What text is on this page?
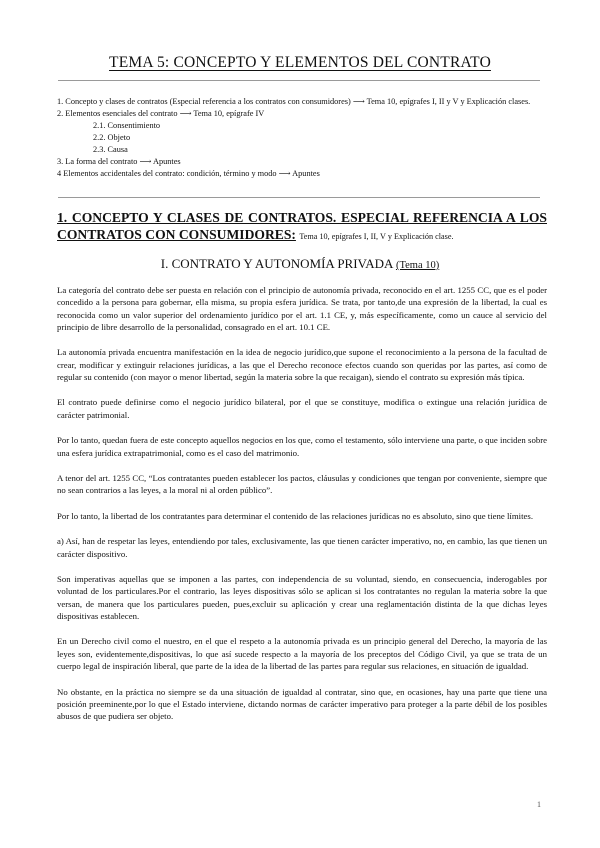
TEMA 5: CONCEPTO Y ELEMENTOS DEL CONTRATO
1. Concepto y clases de contratos (Especial referencia a los contratos con consumidores) ⟶ Tema 10, epígrafes I, II y V y Explicación clases.
2. Elementos esenciales del contrato ⟶ Tema 10, epígrafe IV
2.1. Consentimiento
2.2. Objeto
2.3. Causa
3. La forma del contrato ⟶ Apuntes
4 Elementos accidentales del contrato: condición, término y modo ⟶ Apuntes
1. CONCEPTO Y CLASES DE CONTRATOS. ESPECIAL REFERENCIA A LOS CONTRATOS CON CONSUMIDORES: Tema 10, epígrafes I, II, V y Explicación clase.
I. CONTRATO Y AUTONOMÍA PRIVADA (Tema 10)

La categoría del contrato debe ser puesta en relación con el principio de autonomía privada, reconocido en el art. 1255 CC, que es el poder concedido a la persona para gobernar, ella misma, su propia esfera jurídica. Se trata, por tanto,de una expresión de la libertad, la cual es reconocida como un valor superior del ordenamiento jurídico por el art. 1.1 CE, y, más específicamente, como un cauce al servicio del principio de libre desarrollo de la personalidad, consagrado en el art. 10.1 CE.

La autonomía privada encuentra manifestación en la idea de negocio jurídico,que supone el reconocimiento a la persona de la facultad de crear, modificar y extinguir relaciones jurídicas, a las que el Derecho reconoce efectos cuando son queridas por las partes, así como de regular su contenido (con mayor o menor libertad, según la materia sobre la que recaigan), siendo el contrato su expresión más típica.

El contrato puede definirse como el negocio jurídico bilateral, por el que se constituye, modifica o extingue una relación jurídica de carácter patrimonial.

Por lo tanto, quedan fuera de este concepto aquellos negocios en los que, como el testamento, sólo interviene una parte, o que inciden sobre una esfera jurídica extrapatrimonial, como es el caso del matrimonio.

A tenor del art. 1255 CC, “Los contratantes pueden establecer los pactos, cláusulas y condiciones que tengan por conveniente, siempre que no sean contrarios a las leyes, a la moral ni al orden público”.

Por lo tanto, la libertad de los contratantes para determinar el contenido de las relaciones jurídicas no es absoluto, sino que tiene límites.

a) Así, han de respetar las leyes, entendiendo por tales, exclusivamente, las que tienen carácter imperativo, no, en cambio, las que tienen un carácter dispositivo.

Son imperativas aquellas que se imponen a las partes, con independencia de su voluntad, siendo, en consecuencia, inderogables por voluntad de los particulares.Por el contrario, las leyes dispositivas sólo se aplican si los contratantes no regulan la materia sobre la que versan, de manera que los particulares pueden, pues,excluir su aplicación y crear una reglamentación distinta de la que dichas leyes dispositivas establecen.

En un Derecho civil como el nuestro, en el que el respeto a la autonomía privada es un principio general del Derecho, la mayoría de las leyes son, evidentemente,dispositivas, lo que así sucede respecto a la mayoría de los preceptos del Código Civil, ya que se trata de un cuerpo legal de inspiración liberal, que parte de la idea de la libertad de las partes para regular sus relaciones, en situación de igualdad.

No obstante, en la práctica no siempre se da una situación de igualdad al contratar, sino que, en ocasiones, hay una parte que tiene una posición preeminente,por lo que el Estado interviene, dictando normas de carácter imperativo para proteger a la parte débil de los posibles abusos de que pudiera ser objeto.

1
